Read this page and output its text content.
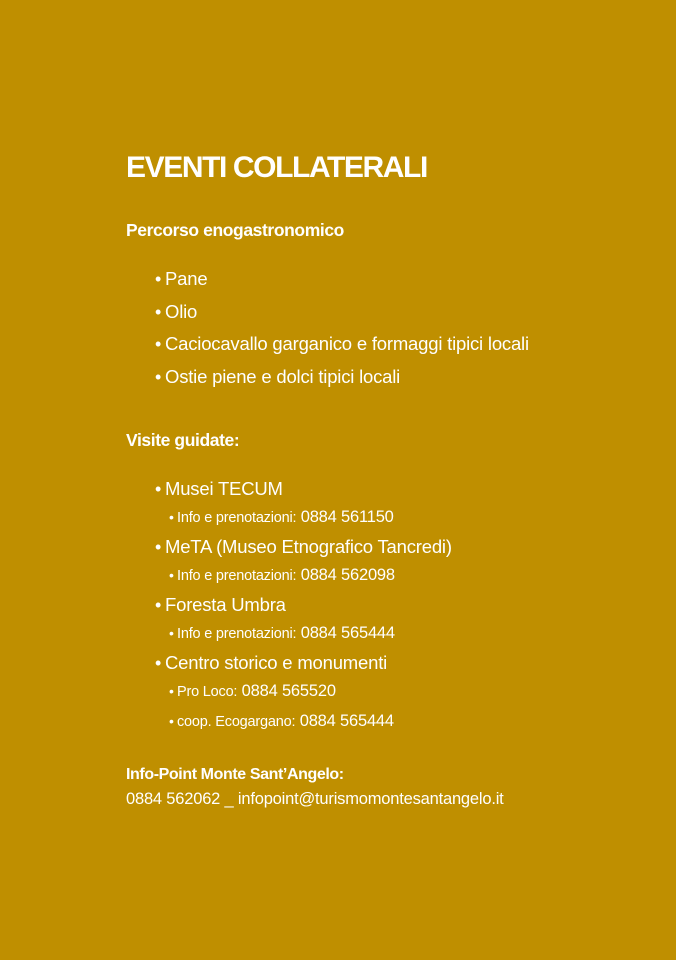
EVENTI COLLATERALI
Percorso enogastronomico
• Pane
• Olio
• Caciocavallo garganico e formaggi tipici locali
• Ostie piene e dolci tipici locali
Visite guidate:
• Musei TECUM
• Info e prenotazioni: 0884 561150
• MeTA (Museo Etnografico Tancredi)
• Info e prenotazioni: 0884 562098
• Foresta Umbra
• Info e prenotazioni: 0884 565444
• Centro storico e monumenti
• Pro Loco: 0884 565520
• coop. Ecogargano: 0884 565444
Info-Point Monte Sant’Angelo:

0884 562062 _ infopoint@turismomontesantangelo.it
